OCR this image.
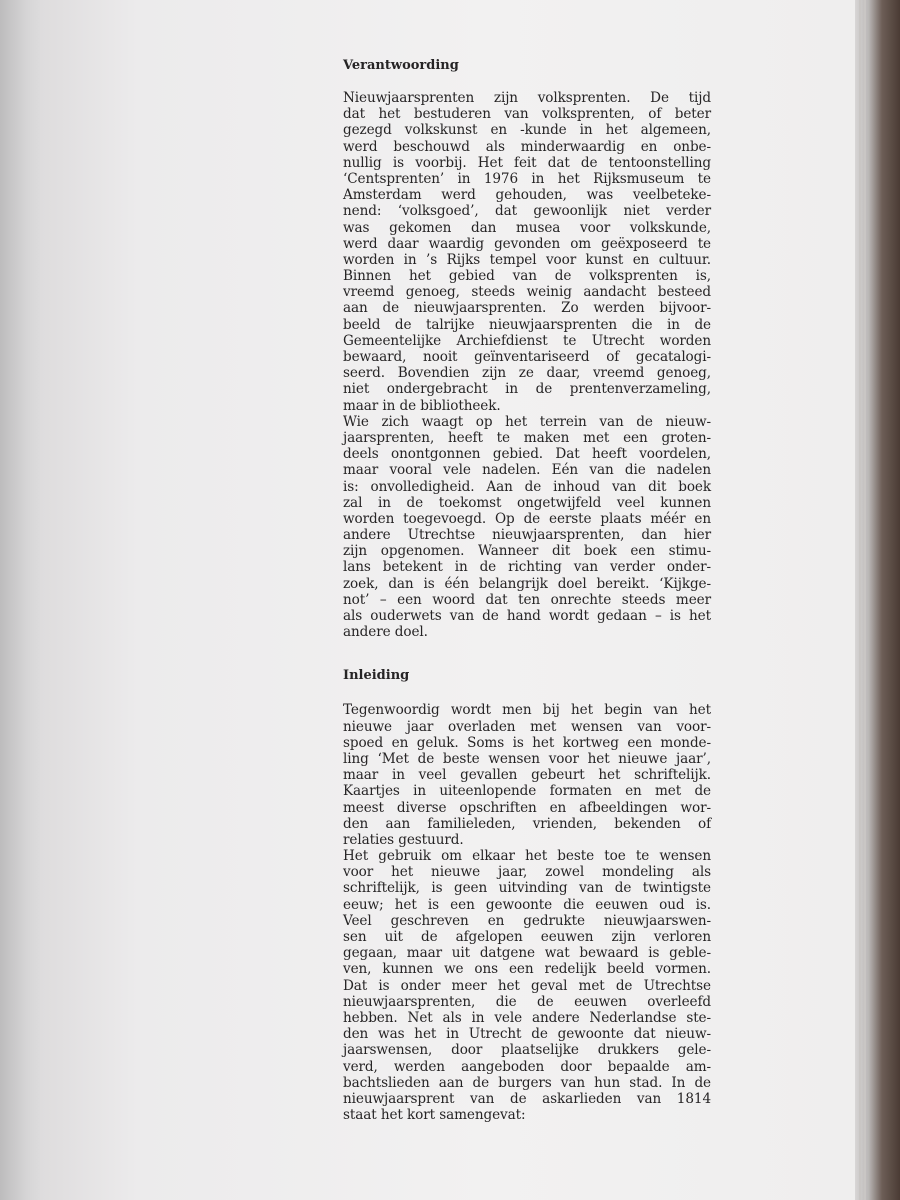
Verantwoording
Nieuwjaarsprenten zijn volksprenten. De tijd
dat het bestuderen van volksprenten, of beter
gezegd volkskunst en -kunde in het algemeen,
werd beschouwd als minderwaardig en onbe-
nullig is voorbij. Het feit dat de tentoonstelling
‘Centsprenten’ in 1976 in het Rijksmuseum te
Amsterdam werd gehouden, was veelbeteke-
nend: ‘volksgoed’, dat gewoonlijk niet verder
was gekomen dan musea voor volkskunde,
werd daar waardig gevonden om geëxposeerd te
worden in ’s Rijks tempel voor kunst en cultuur.
Binnen het gebied van de volksprenten is,
vreemd genoeg, steeds weinig aandacht besteed
aan de nieuwjaarsprenten. Zo werden bijvoor-
beeld de talrijke nieuwjaarsprenten die in de
Gemeentelijke Archiefdienst te Utrecht worden
bewaard, nooit geïnventariseerd of gecatalogi-
seerd. Bovendien zijn ze daar, vreemd genoeg,
niet ondergebracht in de prentenverzameling,
maar in de bibliotheek.
Wie zich waagt op het terrein van de nieuw-
jaarsprenten, heeft te maken met een groten-
deels onontgonnen gebied. Dat heeft voordelen,
maar vooral vele nadelen. Eén van die nadelen
is: onvolledigheid. Aan de inhoud van dit boek
zal in de toekomst ongetwijfeld veel kunnen
worden toegevoegd. Op de eerste plaats méér en
andere Utrechtse nieuwjaarsprenten, dan hier
zijn opgenomen. Wanneer dit boek een stimu-
lans betekent in de richting van verder onder-
zoek, dan is één belangrijk doel bereikt. ‘Kijkge-
not’ – een woord dat ten onrechte steeds meer
als ouderwets van de hand wordt gedaan – is het
andere doel.
Inleiding
Tegenwoordig wordt men bij het begin van het
nieuwe jaar overladen met wensen van voor-
spoed en geluk. Soms is het kortweg een monde-
ling ‘Met de beste wensen voor het nieuwe jaar’,
maar in veel gevallen gebeurt het schriftelijk.
Kaartjes in uiteenlopende formaten en met de
meest diverse opschriften en afbeeldingen wor-
den aan familieleden, vrienden, bekenden of
relaties gestuurd.
Het gebruik om elkaar het beste toe te wensen
voor het nieuwe jaar, zowel mondeling als
schriftelijk, is geen uitvinding van de twintigste
eeuw; het is een gewoonte die eeuwen oud is.
Veel geschreven en gedrukte nieuwjaarswen-
sen uit de afgelopen eeuwen zijn verloren
gegaan, maar uit datgene wat bewaard is geble-
ven, kunnen we ons een redelijk beeld vormen.
Dat is onder meer het geval met de Utrechtse
nieuwjaarsprenten, die de eeuwen overleefd
hebben. Net als in vele andere Nederlandse ste-
den was het in Utrecht de gewoonte dat nieuw-
jaarswensen, door plaatselijke drukkers gele-
verd, werden aangeboden door bepaalde am-
bachtslieden aan de burgers van hun stad. In de
nieuwjaarsprent van de askarlieden van 1814
staat het kort samengevat:
